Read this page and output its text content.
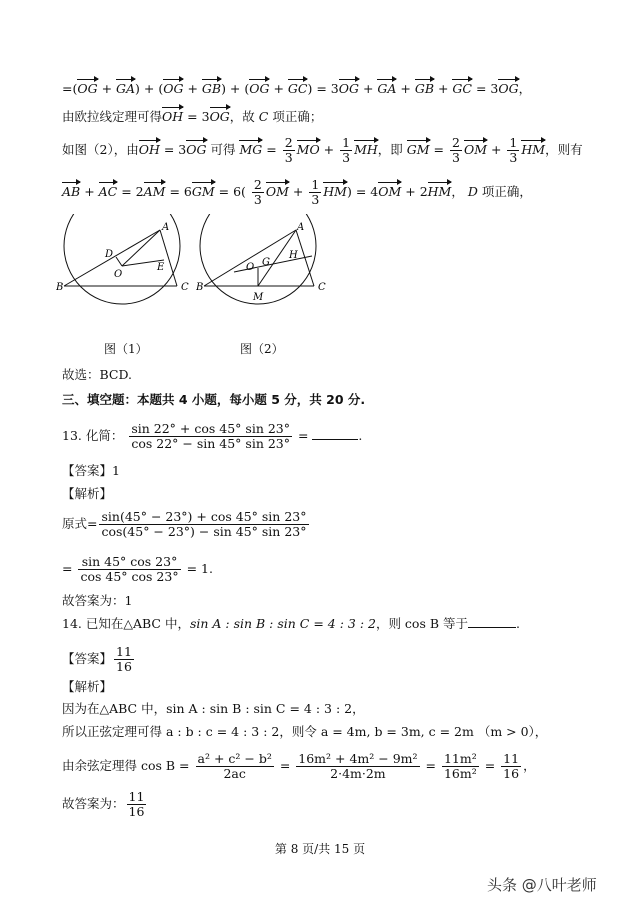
=(OG + GA) + (OG + GB) + (OG + GC) = 3OG + GA + GB + GC = 3OG，
由欧拉线定理可得OH = 3OG，故 C 项正确；
如图（2），由OH = 3OG 可得 MG = $\frac{2}{3}$ MO + $\frac{1}{3}$ MH，即 GM = $\frac{2}{3}$ OM + $\frac{1}{3}$ HM，则有
AB + AC = $2AM = 6GM = 6( \frac{2}{3}$ OM + $\frac{1}{3} HM) = 4OM + 2HM$， D 项正确，
D
O
E
A
B	C
图（1）
O G
H
A
B	C
M
图（2）
故选：BCD.
三、填空题：本题共 4 小题，每小题 5 分，共 20 分.
13. 化简： $\frac{\sin 22^\circ + \cos 45^\circ \sin 23^\circ}{\cos 22^\circ - \sin 45^\circ \sin 23^\circ}$ =	.
【答案】1
【解析】
原式= $\frac{\sin(45^\circ - 23^\circ) + \cos 45^\circ \sin 23^\circ}{\cos(45^\circ - 23^\circ) - \sin 45^\circ \sin 23^\circ}$
= $\frac{\sin 45^\circ \cos 23^\circ}{\cos 45^\circ \cos 23^\circ} = 1$.
故答案为：1
14. 已知在△ABC 中，sin A : sin B : sin C = 4 : 3 : 2，则 cos B 等于	.
【答案】 $\frac{11}{16}$
【解析】
因为在△ABC 中，sin A : sin B : sin C = 4 : 3 : 2，
所以正弦定理可得 a : b : c = 4 : 3 : 2，则令 a = 4m, b = 3m, c = 2m （m > 0），
由余弦定理得 $\cos B = \frac{\text{a² + c² − b²}}{2ac} = \frac{\text{16m² + 4m² − 9m²}}{2\cdot 4m\cdot 2m} = \frac{\text{11m²}}{\text{16m²}} = \frac{11}{16}$ ，
故答案为： $\frac{11}{16}$
第 8 页/共 15 页
头条 @八叶老师
